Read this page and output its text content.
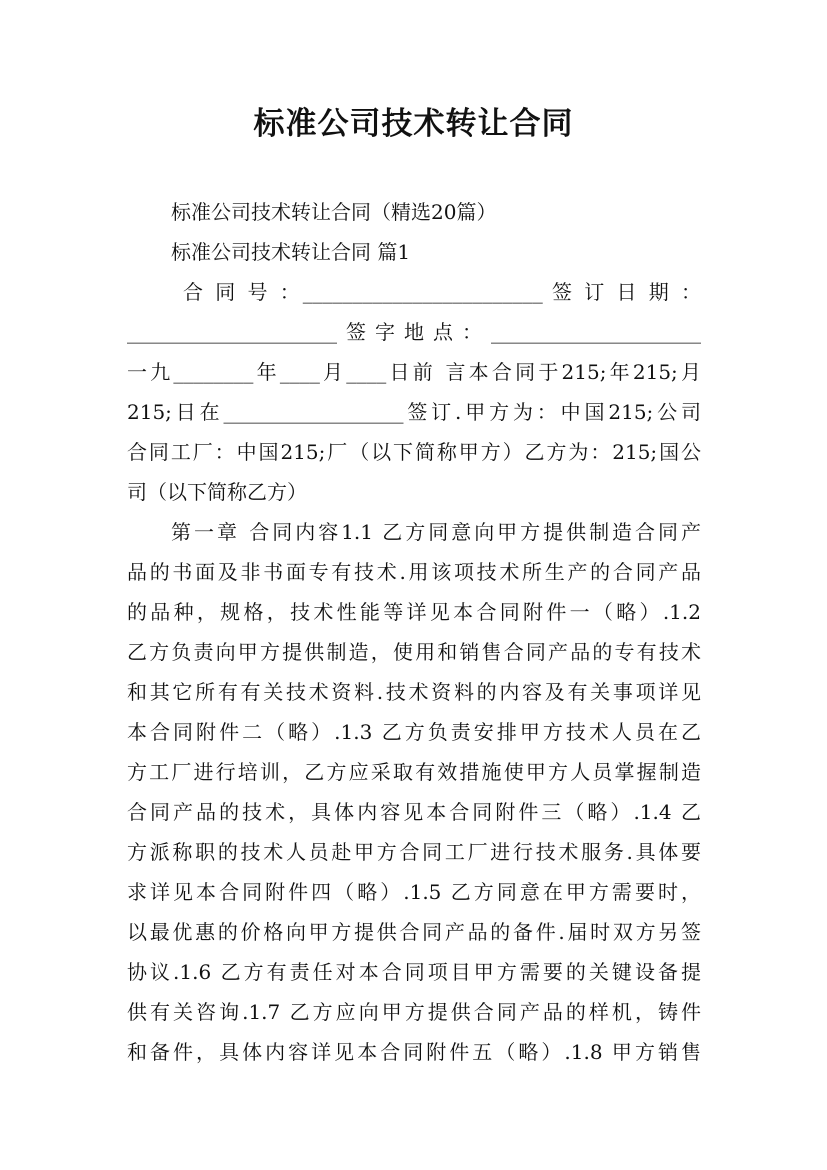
标准公司技术转让合同
标准公司技术转让合同（精选20篇）
标准公司技术转让合同 篇1
合 同 号 ：________________________ 签 订 日 期 ：
_____________________签字地点：_____________________
一九________年____月____日前 言本合同于215;年215;月
215;日在__________________签订.甲方为：中国215;公司
合同工厂：中国215;厂（以下简称甲方）乙方为：215;国公
司（以下简称乙方）
第一章 合同内容1.1 乙方同意向甲方提供制造合同产
品的书面及非书面专有技术.用该项技术所生产的合同产品
的品种，规格，技术性能等详见本合同附件一（略）.1.2
乙方负责向甲方提供制造，使用和销售合同产品的专有技术
和其它所有有关技术资料.技术资料的内容及有关事项详见
本合同附件二（略）.1.3 乙方负责安排甲方技术人员在乙
方工厂进行培训，乙方应采取有效措施使甲方人员掌握制造
合同产品的技术，具体内容见本合同附件三（略）.1.4 乙
方派称职的技术人员赴甲方合同工厂进行技术服务.具体要
求详见本合同附件四（略）.1.5 乙方同意在甲方需要时，
以最优惠的价格向甲方提供合同产品的备件.届时双方另签
协议.1.6 乙方有责任对本合同项目甲方需要的关键设备提
供有关咨询.1.7 乙方应向甲方提供合同产品的样机，铸件
和备件，具体内容详见本合同附件五（略）.1.8 甲方销售
